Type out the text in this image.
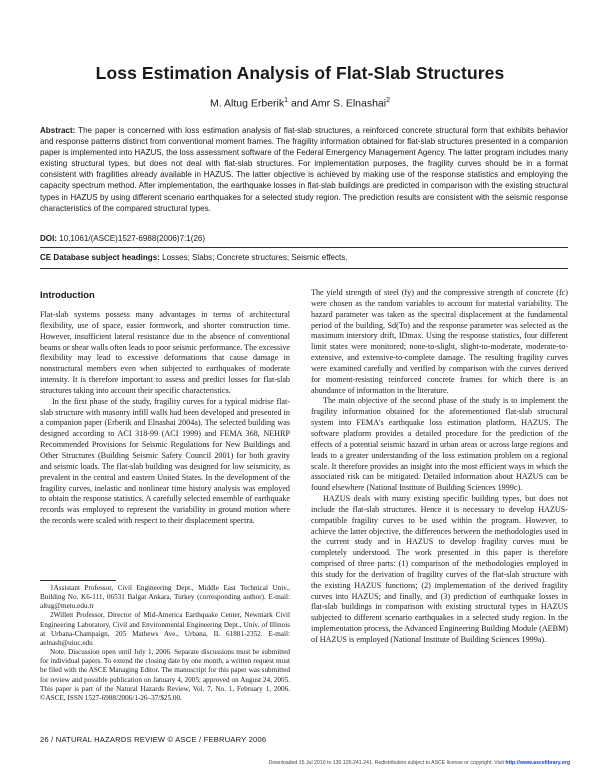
Loss Estimation Analysis of Flat-Slab Structures
M. Altug Erberik$^1$ and Amr S. Elnashai$^2$
Abstract: The paper is concerned with loss estimation analysis of flat-slab structures, a reinforced concrete structural form that exhibits behavior and response patterns distinct from conventional moment frames. The fragility information obtained for flat-slab structures presented in a companion paper is implemented into HAZUS, the loss assessment software of the Federal Emergency Management Agency. The latter program includes many existing structural types, but does not deal with flat-slab structures. For implementation purposes, the fragility curves should be in a format consistent with fragilities already available in HAZUS. The latter objective is achieved by making use of the response statistics and employing the capacity spectrum method. After implementation, the earthquake losses in flat-slab buildings are predicted in comparison with the existing structural types in HAZUS by using different scenario earthquakes for a selected study region. The prediction results are consistent with the seismic response characteristics of the compared structural types.
DOI: 10.1061/(ASCE)1527-6988(2006)7:1(26)
CE Database subject headings: Losses; Slabs; Concrete structures; Seismic effects.
Introduction

Flat-slab systems possess many advantages in terms of architectural flexibility, use of space, easier formwork, and shorter construction time. However, insufficient lateral resistance due to the absence of conventional beams or shear walls often leads to poor seismic performance. The excessive flexibility may lead to excessive deformations that cause damage in nonstructural members even when subjected to earthquakes of moderate intensity. It is therefore important to assess and predict losses for flat-slab structures taking into account their specific characteristics.

In the first phase of the study, fragility curves for a typical midrise flat-slab structure with masonry infill walls had been developed and presented in a companion paper (Erberik and Elnashai 2004a). The selected building was designed according to ACI 318-99 (ACI 1999) and FEMA 368, NEHRP Recommended Provisions for Seismic Regulations for New Buildings and Other Structures (Building Seismic Safety Council 2001) for both gravity and seismic loads. The flat-slab building was designed for low seismicity, as prevalent in the central and eastern United States. In the development of the fragility curves, inelastic and nonlinear time history analysis was employed to obtain the response statistics. A carefully selected ensemble of earthquake records was employed to represent the variability in ground motion where the records were scaled with respect to their displacement spectra.

1Assistant Professor, Civil Engineering Dept., Middle East Technical Univ., Building No. K6-111, 06531 Balgat Ankara, Turkey (corresponding author). E-mail: altug@metu.edu.tr

2Willett Professor, Director of Mid-America Earthquake Center, Newmark Civil Engineering Laboratory, Civil and Environmental Engineering Dept., Univ. of Illinois at Urbana-Champaign, 205 Mathews Ave., Urbana, IL 61801-2352. E-mail: aelnash@uiuc.edu

Note. Discussion open until July 1, 2006. Separate discussions must be submitted for individual papers. To extend the closing date by one month, a written request must be filed with the ASCE Managing Editor. The manuscript for this paper was submitted for review and possible publication on January 4, 2005; approved on August 24, 2005. This paper is part of the Natural Hazards Review, Vol. 7, No. 1, February 1, 2006. ©ASCE, ISSN 1527-6988/2006/1-26–37/$25.00.

The yield strength of steel (fy) and the compressive strength of concrete (fc) were chosen as the random variables to account for material variability. The hazard parameter was taken as the spectral displacement at the fundamental period of the building, Sd(To) and the response parameter was selected as the maximum interstory drift, IDmax. Using the response statistics, four different limit states were monitored; none-to-slight, slight-to-moderate, moderate-to-extensive, and extensive-to-complete damage. The resulting fragility curves were examined carefully and verified by comparison with the curves derived for moment-resisting reinforced concrete frames for which there is an abundance of information in the literature.

The main objective of the second phase of the study is to implement the fragility information obtained for the aforementioned flat-slab structural system into FEMA's earthquake loss estimation platform, HAZUS. The software platform provides a detailed procedure for the prediction of the effects of a potential seismic hazard in urban areas or across large regions and leads to a greater understanding of the loss estimation problem on a regional scale. It therefore provides an insight into the most efficient ways in which the associated risk can be mitigated. Detailed information about HAZUS can be found elsewhere (National Institute of Building Sciences 1999c).

HAZUS deals with many existing specific building types, but does not include the flat-slab structures. Hence it is necessary to develop HAZUS-compatible fragility curves to be used within the program. However, to achieve the latter objective, the differences between the methodologies used in the current study and in HAZUS to develop fragility curves must be completely understood. The work presented in this paper is therefore comprised of three parts: (1) comparison of the methodologies employed in this study for the derivation of fragility curves of the flat-slab structure with the existing HAZUS functions; (2) implementation of the derived fragility curves into HAZUS; and finally, and (3) prediction of earthquake losses in flat-slab buildings in comparison with existing structural types in HAZUS subjected to different scenario earthquakes in a selected study region. In the implementation process, the Advanced Engineering Building Module (AEBM) of HAZUS is employed (National Institute of Building Sciences 1999a).

26 / NATURAL HAZARDS REVIEW © ASCE / FEBRUARY 2006
Downloaded 15 Jul 2010 to 130.126.241.241. Redistribution subject to ASCE license or copyright. Visit http://www.ascelibrary.org
